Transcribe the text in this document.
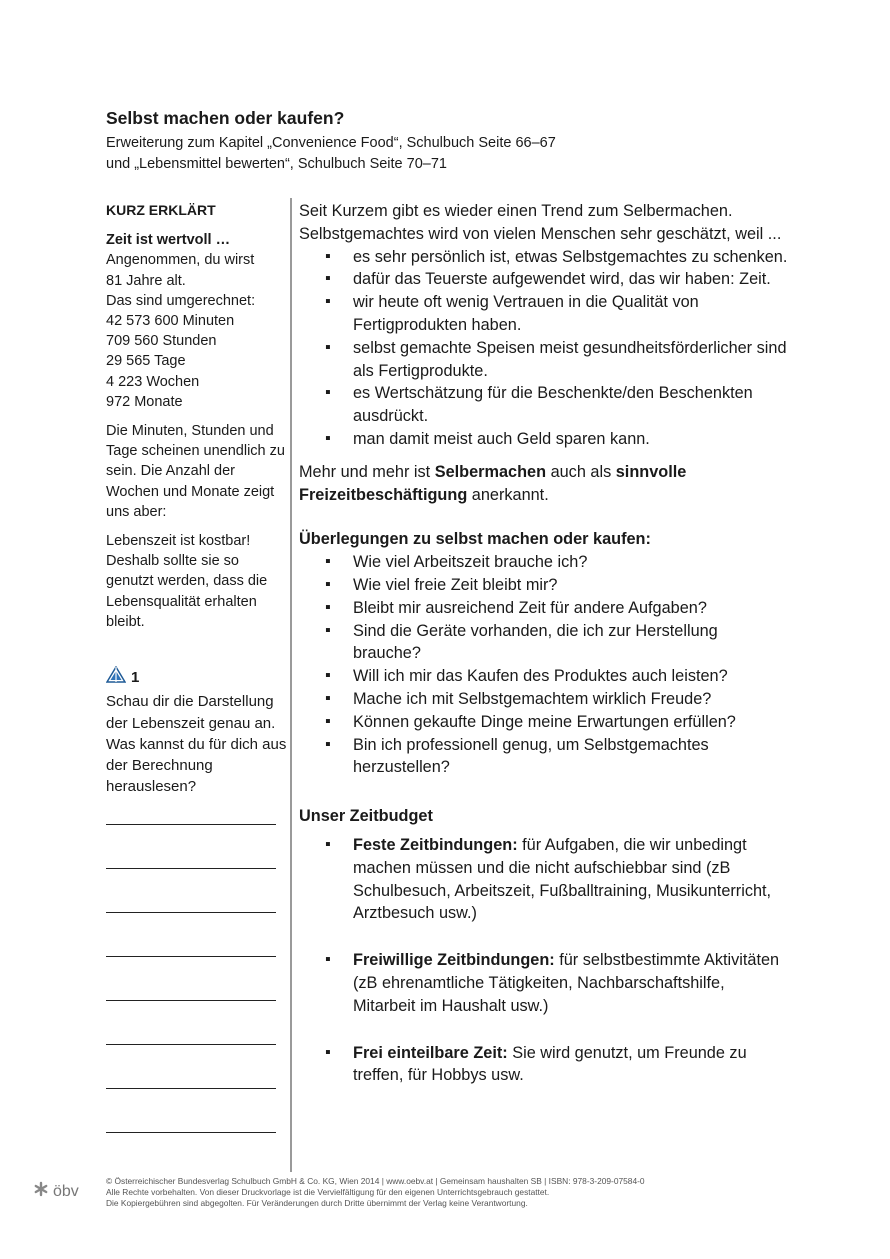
Selbst machen oder kaufen?
Erweiterung zum Kapitel „Convenience Food“, Schulbuch Seite 66–67
und „Lebensmittel bewerten“, Schulbuch Seite 70–71
KURZ ERKLÄRT

Zeit ist wertvoll …
Angenommen, du wirst
81 Jahre alt.
Das sind umgerechnet:
42 573 600 Minuten
709 560 Stunden
29 565 Tage
4 223 Wochen
972 Monate

Die Minuten, Stunden und Tage scheinen unendlich zu sein. Die Anzahl der Wochen und Monate zeigt uns aber:

Lebenszeit ist kostbar! Deshalb sollte sie so genutzt werden, dass die Lebensqualität erhalten bleibt.

1
Schau dir die Darstellung der Lebenszeit genau an. Was kannst du für dich aus der Berechnung herauslesen?

Seit Kurzem gibt es wieder einen Trend zum Selbermachen. Selbstgemachtes wird von vielen Menschen sehr geschätzt, weil ...

▪ es sehr persönlich ist, etwas Selbstgemachtes zu schenken.
▪ dafür das Teuerste aufgewendet wird, das wir haben: Zeit.
▪ wir heute oft wenig Vertrauen in die Qualität von Fertigprodukten haben.
▪ selbst gemachte Speisen meist gesundheitsförderlicher sind als Fertigprodukte.
▪ es Wertschätzung für die Beschenkte/den Beschenkten ausdrückt.
▪ man damit meist auch Geld sparen kann.

Mehr und mehr ist Selbermachen auch als sinnvolle Freizeitbeschäftigung anerkannt.

Überlegungen zu selbst machen oder kaufen:

▪ Wie viel Arbeitszeit brauche ich?
▪ Wie viel freie Zeit bleibt mir?
▪ Bleibt mir ausreichend Zeit für andere Aufgaben?
▪ Sind die Geräte vorhanden, die ich zur Herstellung brauche?
▪ Will ich mir das Kaufen des Produktes auch leisten?
▪ Mache ich mit Selbstgemachtem wirklich Freude?
▪ Können gekaufte Dinge meine Erwartungen erfüllen?
▪ Bin ich professionell genug, um Selbstgemachtes herzustellen?

Unser Zeitbudget

▪ Feste Zeitbindungen: für Aufgaben, die wir unbedingt machen müssen und die nicht aufschiebbar sind (zB Schulbesuch, Arbeitszeit, Fußballtraining, Musikunterricht, Arztbesuch usw.)
▪ Freiwillige Zeitbindungen: für selbstbestimmte Aktivitäten (zB ehrenamtliche Tätigkeiten, Nachbarschaftshilfe, Mitarbeit im Haushalt usw.)
▪ Frei einteilbare Zeit: Sie wird genutzt, um Freunde zu treffen, für Hobbys usw.
öbv
© Österreichischer Bundesverlag Schulbuch GmbH & Co. KG, Wien 2014 | www.oebv.at | Gemeinsam haushalten SB | ISBN: 978-3-209-07584-0
Alle Rechte vorbehalten. Von dieser Druckvorlage ist die Vervielfältigung für den eigenen Unterrichtsgebrauch gestattet.
Die Kopiergebühren sind abgegolten. Für Veränderungen durch Dritte übernimmt der Verlag keine Verantwortung.
